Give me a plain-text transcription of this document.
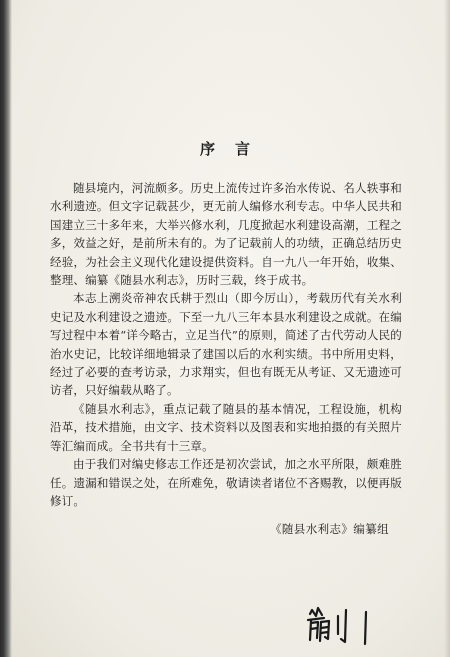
序言

随县境内，河流颇多。历史上流传过许多治水传说、名人轶事和水利遗迹。但文字记载甚少，更无前人编修水利专志。中华人民共和国建立三十多年来，大举兴修水利，几度掀起水利建设高潮，工程之多，效益之好，是前所未有的。为了记载前人的功绩，正确总结历史经验，为社会主义现代化建设提供资料。自一九八一年开始，收集、整理、编纂《随县水利志》，历时三载，终于成书。

本志上溯炎帝神农氏耕于烈山（即今厉山），考载历代有关水利史记及水利建设之遗迹。下至一九八三年本县水利建设之成就。在编写过程中本着“详今略古，立足当代”的原则，简述了古代劳动人民的治水史记，比较详细地辑录了建国以后的水利实绩。书中所用史料，经过了必要的查考访录，力求翔实，但也有既无从考证、又无遗迹可访者，只好编载从略了。

《随县水利志》，重点记载了随县的基本情况，工程设施，机构沿革，技术措施，由文字、技术资料以及图表和实地拍摄的有关照片等汇编而成。全书共有十三章。

由于我们对编史修志工作还是初次尝试，加之水平所限，颇难胜任。遗漏和错误之处，在所难免，敬请读者诸位不吝赐教，以便再版修订。

《随县水利志》编纂组
